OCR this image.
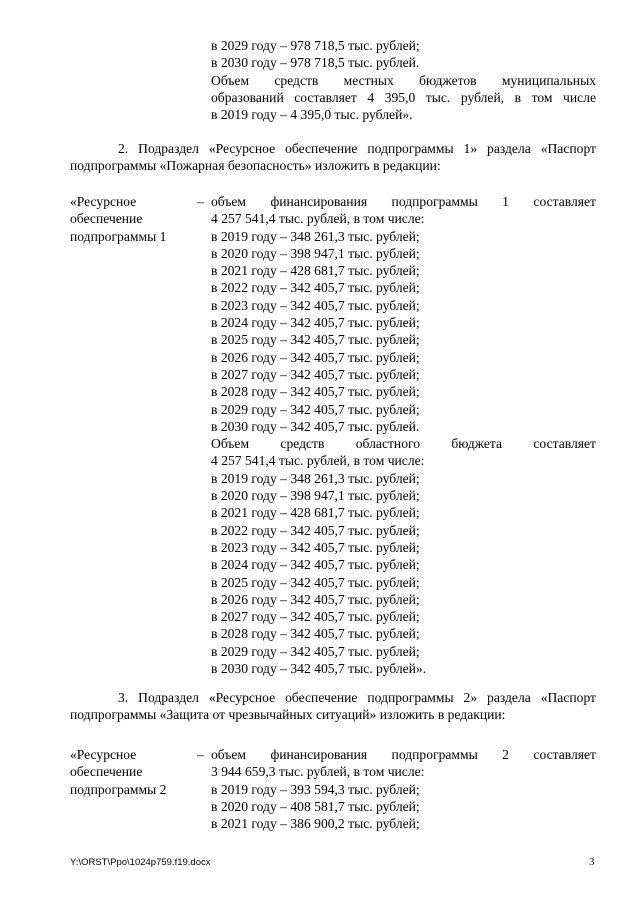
в 2029 году – 978 718,5 тыс. рублей;
в 2030 году – 978 718,5 тыс. рублей.
Объем средств местных бюджетов муниципальных
образований составляет 4 395,0 тыс. рублей, в том числе
в 2019 году – 4 395,0 тыс. рублей».
2. Подраздел «Ресурсное обеспечение подпрограммы 1» раздела «Паспорт
подпрограммы «Пожарная безопасность» изложить в редакции:
«Ресурсное
обеспечение
подпрограммы 1
– объем финансирования подпрограммы 1 составляет
4 257 541,4 тыс. рублей, в том числе:
в 2019 году – 348 261,3 тыс. рублей;
в 2020 году – 398 947,1 тыс. рублей;
в 2021 году – 428 681,7 тыс. рублей;
в 2022 году – 342 405,7 тыс. рублей;
в 2023 году – 342 405,7 тыс. рублей;
в 2024 году – 342 405,7 тыс. рублей;
в 2025 году – 342 405,7 тыс. рублей;
в 2026 году – 342 405,7 тыс. рублей;
в 2027 году – 342 405,7 тыс. рублей;
в 2028 году – 342 405,7 тыс. рублей;
в 2029 году – 342 405,7 тыс. рублей;
в 2030 году – 342 405,7 тыс. рублей.
Объем средств областного бюджета составляет
4 257 541,4 тыс. рублей, в том числе:
в 2019 году – 348 261,3 тыс. рублей;
в 2020 году – 398 947,1 тыс. рублей;
в 2021 году – 428 681,7 тыс. рублей;
в 2022 году – 342 405,7 тыс. рублей;
в 2023 году – 342 405,7 тыс. рублей;
в 2024 году – 342 405,7 тыс. рублей;
в 2025 году – 342 405,7 тыс. рублей;
в 2026 году – 342 405,7 тыс. рублей;
в 2027 году – 342 405,7 тыс. рублей;
в 2028 году – 342 405,7 тыс. рублей;
в 2029 году – 342 405,7 тыс. рублей;
в 2030 году – 342 405,7 тыс. рублей».
3. Подраздел «Ресурсное обеспечение подпрограммы 2» раздела «Паспорт
подпрограммы «Защита от чрезвычайных ситуаций» изложить в редакции:
«Ресурсное
обеспечение
подпрограммы 2
– объем финансирования подпрограммы 2 составляет
3 944 659,3 тыс. рублей, в том числе:
в 2019 году – 393 594,3 тыс. рублей;
в 2020 году – 408 581,7 тыс. рублей;
в 2021 году – 386 900,2 тыс. рублей;
Y:\ORST\Ppo\1024p759.f19.docx	3
